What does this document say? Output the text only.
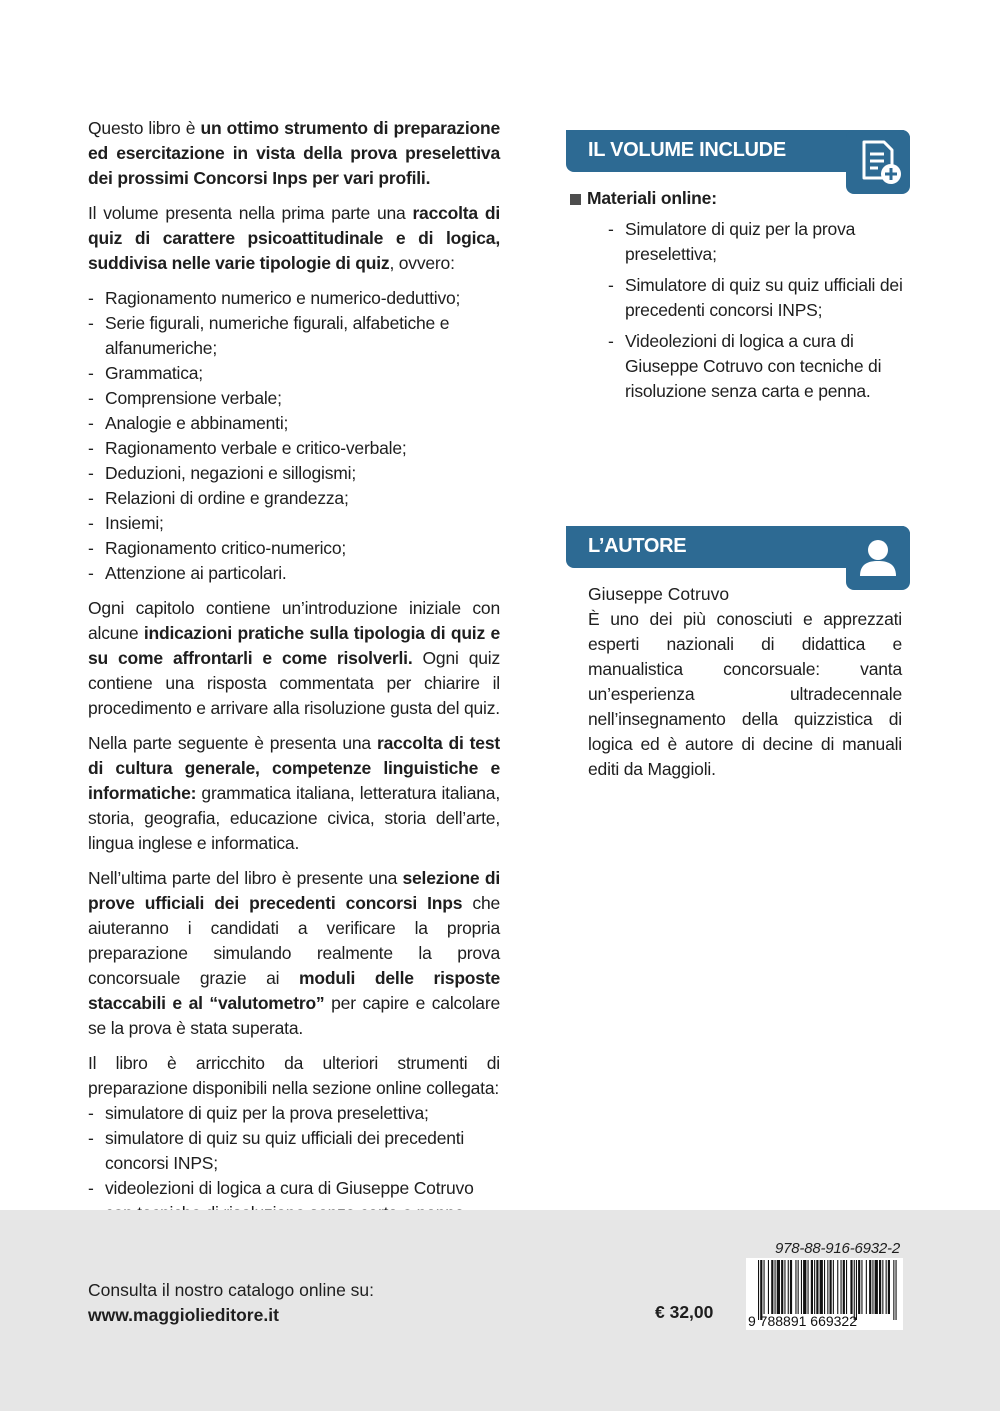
Questo libro è un ottimo strumento di preparazione ed esercitazione in vista della prova preselettiva dei prossimi Concorsi Inps per vari profili.

Il volume presenta nella prima parte una raccolta di quiz di carattere psicoattitudinale e di logica, suddivisa nelle varie tipologie di quiz, ovvero:

- Ragionamento numerico e numerico-deduttivo;
- Serie figurali, numeriche figurali, alfabetiche e alfanumeriche;
- Grammatica;
- Comprensione verbale;
- Analogie e abbinamenti;
- Ragionamento verbale e critico-verbale;
- Deduzioni, negazioni e sillogismi;
- Relazioni di ordine e grandezza;
- Insiemi;
- Ragionamento critico-numerico;
- Attenzione ai particolari.

Ogni capitolo contiene un’introduzione iniziale con alcune indicazioni pratiche sulla tipologia di quiz e su come affrontarli e come risolverli. Ogni quiz contiene una risposta commentata per chiarire il procedimento e arrivare alla risoluzione gusta del quiz.

Nella parte seguente è presenta una raccolta di test di cultura generale, competenze linguistiche e informatiche: grammatica italiana, letteratura italiana, storia, geografia, educazione civica, storia dell’arte, lingua inglese e informatica.

Nell’ultima parte del libro è presente una selezione di prove ufficiali dei precedenti concorsi Inps che aiuteranno i candidati a verificare la propria preparazione simulando realmente la prova concorsuale grazie ai moduli delle risposte staccabili e al “valutometro” per capire e calcolare se la prova è stata superata.

Il libro è arricchito da ulteriori strumenti di preparazione disponibili nella sezione online collegata:

- simulatore di quiz per la prova preselettiva;
- simulatore di quiz su quiz ufficiali dei precedenti concorsi INPS;
- videolezioni di logica a cura di Giuseppe Cotruvo
IL VOLUME INCLUDE
Materiali online:
- Simulatore di quiz per la prova preselettiva;
- Simulatore di quiz su quiz ufficiali dei precedenti concorsi INPS;
- Videolezioni di logica a cura di Giuseppe Cotruvo con tecniche di risoluzione senza carta e penna.
L’AUTORE
Giuseppe Cotruvo
È uno dei più conosciuti e apprezzati esperti nazionali di didattica e manualistica concorsuale: vanta un’esperienza ultradecennale nell’insegnamento della quizzistica di logica ed è autore di decine di manuali editi da Maggioli.
Consulta il nostro catalogo online su:
www.maggiolieditore.it	€ 32,00
978-88-916-6932-2
9 788891 669322
